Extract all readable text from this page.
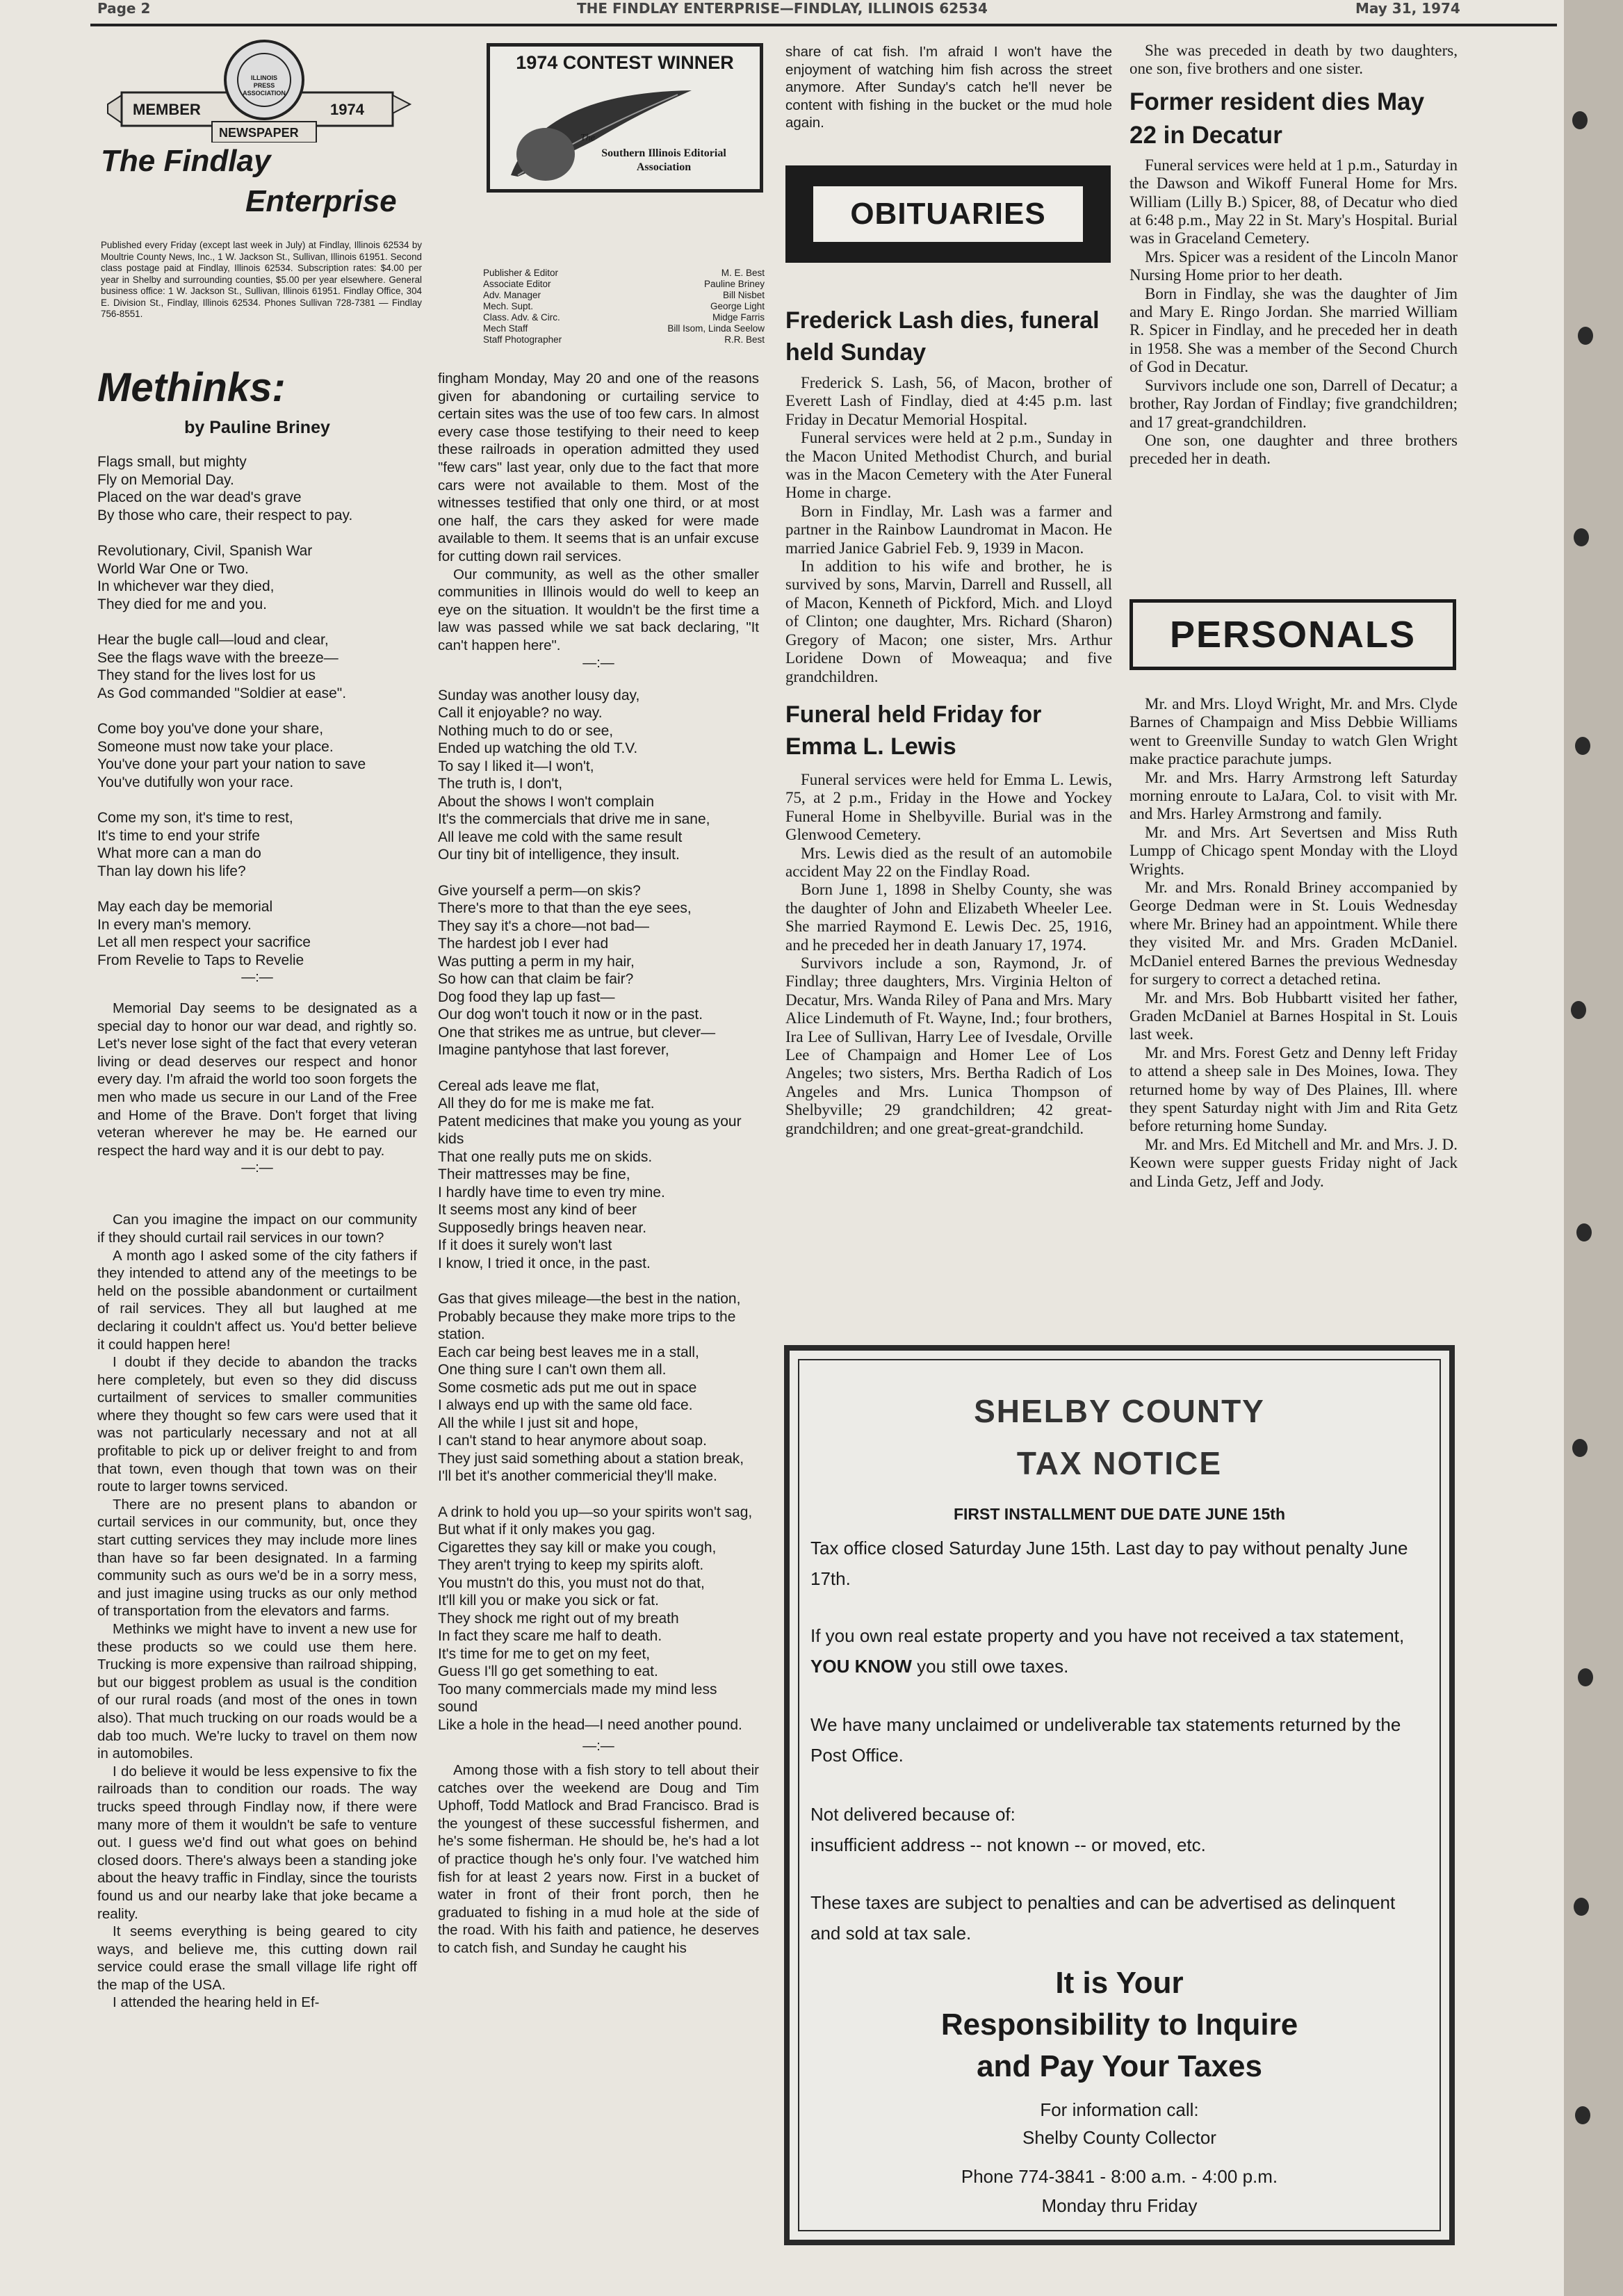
Page 2	THE FINDLAY ENTERPRISE—FINDLAY, ILLINOIS 62534	May 31, 1974
MEMBER	1974
NEWSPAPER
ILLINOIS PRESS ASSOCIATION
The Findlay
Enterprise
Published every Friday (except last week in July) at Findlay, Illinois 62534 by Moultrie County News, Inc., 1 W. Jackson St., Sullivan, Illinois 61951. Second class postage paid at Findlay, Illinois 62534. Subscription rates: $4.00 per year in Shelby and surrounding counties, $5.00 per year elsewhere. General business office: 1 W. Jackson St., Sullivan, Illinois 61951. Findlay Office, 304 E. Division St., Findlay, Illinois 62534. Phones Sullivan 728-7381 — Findlay 756-8551.
Publisher & Editor	M. E. Best
Associate Editor	Pauline Briney
Adv. Manager	Bill Nisbet
Mech. Supt.	George Light
Class. Adv. & Circ.	Midge Farris
Mech Staff	Bill Isom, Linda Seelow
Staff Photographer	R.R. Best
1974 CONTEST WINNER
The
Southern Illinois Editorial
Association
Methinks:
by Pauline Briney

Flags small, but mighty
Fly on Memorial Day.
Placed on the war dead's grave
By those who care, their respect to pay.

Revolutionary, Civil, Spanish War
World War One or Two.
In whichever war they died,
They died for me and you.

Hear the bugle call—loud and clear,
See the flags wave with the breeze—
They stand for the lives lost for us
As God commanded "Soldier at ease".

Come boy you've done your share,
Someone must now take your place.
You've done your part your nation to save
You've dutifully won your race.

Come my son, it's time to rest,
It's time to end your strife
What more can a man do
Than lay down his life?

May each day be memorial
In every man's memory.
Let all men respect your sacrifice
From Revelie to Taps to Revelie

—:—

Memorial Day seems to be designated as a special day to honor our war dead, and rightly so. Let's never lose sight of the fact that every veteran living or dead deserves our respect and honor every day. I'm afraid the world too soon forgets the men who made us secure in our Land of the Free and Home of the Brave. Don't forget that living veteran wherever he may be. He earned our respect the hard way and it is our debt to pay.

—:—

Can you imagine the impact on our community if they should curtail rail services in our town?

A month ago I asked some of the city fathers if they intended to attend any of the meetings to be held on the possible abandonment or curtailment of rail services. They all but laughed at me declaring it couldn't affect us. You'd better believe it could happen here!

I doubt if they decide to abandon the tracks here completely, but even so they did discuss curtailment of services to smaller communities where they thought so few cars were used that it was not particularly necessary and not at all profitable to pick up or deliver freight to and from that town, even though that town was on their route to larger towns serviced.

There are no present plans to abandon or curtail services in our community, but, once they start cutting services they may include more lines than have so far been designated. In a farming community such as ours we'd be in a sorry mess, and just imagine using trucks as our only method of transportation from the elevators and farms.

Methinks we might have to invent a new use for these products so we could use them here. Trucking is more expensive than railroad shipping, but our biggest problem as usual is the condition of our rural roads (and most of the ones in town also). That much trucking on our roads would be a dab too much. We're lucky to travel on them now in automobiles.

I do believe it would be less expensive to fix the railroads than to condition our roads. The way trucks speed through Findlay now, if there were many more of them it wouldn't be safe to venture out. I guess we'd find out what goes on behind closed doors. There's always been a standing joke about the heavy traffic in Findlay, since the tourists found us and our nearby lake that joke became a reality.

It seems everything is being geared to city ways, and believe me, this cutting down rail service could erase the small village life right off the map of the USA.

I attended the hearing held in Ef-

fingham Monday, May 20 and one of the reasons given for abandoning or curtailing service to certain sites was the use of too few cars. In almost every case those testifying to their need to keep these railroads in operation admitted they used "few cars" last year, only due to the fact that more cars were not available to them. Most of the witnesses testified that only one third, or at most one half, the cars they asked for were made available to them. It seems that is an unfair excuse for cutting down rail services.

Our community, as well as the other smaller communities in Illinois would do well to keep an eye on the situation. It wouldn't be the first time a law was passed while we sat back declaring, "It can't happen here".

—:—

Sunday was another lousy day,
Call it enjoyable? no way.
Nothing much to do or see,
Ended up watching the old T.V.
To say I liked it—I won't,
The truth is, I don't,
About the shows I won't complain
It's the commercials that drive me in sane,
All leave me cold with the same result
Our tiny bit of intelligence, they insult.

Give yourself a perm—on skis?
There's more to that than the eye sees,
They say it's a chore—not bad—
The hardest job I ever had
Was putting a perm in my hair,
So how can that claim be fair?
Dog food they lap up fast—
Our dog won't touch it now or in the past.
One that strikes me as untrue, but clever—
Imagine pantyhose that last forever,

Cereal ads leave me flat,
All they do for me is make me fat.
Patent medicines that make you young as your kids
That one really puts me on skids.
Their mattresses may be fine,
I hardly have time to even try mine.
It seems most any kind of beer
Supposedly brings heaven near.
If it does it surely won't last
I know, I tried it once, in the past.

Gas that gives mileage—the best in the nation,
Probably because they make more trips to the station.
Each car being best leaves me in a stall,
One thing sure I can't own them all.
Some cosmetic ads put me out in space
I always end up with the same old face.
All the while I just sit and hope,
I can't stand to hear anymore about soap.
They just said something about a station break,
I'll bet it's another commericial they'll make.

A drink to hold you up—so your spirits won't sag,
But what if it only makes you gag.
Cigarettes they say kill or make you cough,
They aren't trying to keep my spirits aloft.
You mustn't do this, you must not do that,
It'll kill you or make you sick or fat.
They shock me right out of my breath
In fact they scare me half to death.
It's time for me to get on my feet,
Guess I'll go get something to eat.
Too many commercials made my mind less sound
Like a hole in the head—I need another pound.

—:—

Among those with a fish story to tell about their catches over the weekend are Doug and Tim Uphoff, Todd Matlock and Brad Francisco. Brad is the youngest of these successful fishermen, and he's some fisherman. He should be, he's had a lot of practice though he's only four. I've watched him fish for at least 2 years now. First in a bucket of water in front of their front porch, then he graduated to fishing in a mud hole at the side of the road. With his faith and patience, he deserves to catch fish, and Sunday he caught his

share of cat fish. I'm afraid I won't have the enjoyment of watching him fish across the street anymore. After Sunday's catch he'll never be content with fishing in the bucket or the mud hole again.

OBITUARIES
Frederick Lash dies, funeral held Sunday

Frederick S. Lash, 56, of Macon, brother of Everett Lash of Findlay, died at 4:45 p.m. last Friday in Decatur Memorial Hospital.

Funeral services were held at 2 p.m., Sunday in the Macon United Methodist Church, and burial was in the Macon Cemetery with the Ater Funeral Home in charge.

Born in Findlay, Mr. Lash was a farmer and partner in the Rainbow Laundromat in Macon. He married Janice Gabriel Feb. 9, 1939 in Macon.

In addition to his wife and brother, he is survived by sons, Marvin, Darrell and Russell, all of Macon, Kenneth of Pickford, Mich. and Lloyd of Clinton; one daughter, Mrs. Richard (Sharon) Gregory of Macon; one sister, Mrs. Arthur Loridene Down of Moweaqua; and five grandchildren.

Funeral held Friday for Emma L. Lewis

Funeral services were held for Emma L. Lewis, 75, at 2 p.m., Friday in the Howe and Yockey Funeral Home in Shelbyville. Burial was in the Glenwood Cemetery.

Mrs. Lewis died as the result of an automobile accident May 22 on the Findlay Road.

Born June 1, 1898 in Shelby County, she was the daughter of John and Elizabeth Wheeler Lee. She married Raymond E. Lewis Dec. 25, 1916, and he preceded her in death January 17, 1974.

Survivors include a son, Raymond, Jr. of Findlay; three daughters, Mrs. Virginia Helton of Decatur, Mrs. Wanda Riley of Pana and Mrs. Mary Alice Lindemuth of Ft. Wayne, Ind.; four brothers, Ira Lee of Sullivan, Harry Lee of Ivesdale, Orville Lee of Champaign and Homer Lee of Los Angeles; two sisters, Mrs. Bertha Radich of Los Angeles and Mrs. Lunica Thompson of Shelbyville; 29 grandchildren; 42 great-grandchildren; and one great-great-grandchild.

She was preceded in death by two daughters, one son, five brothers and one sister.

Former resident dies May 22 in Decatur

Funeral services were held at 1 p.m., Saturday in the Dawson and Wikoff Funeral Home for Mrs. William (Lilly B.) Spicer, 88, of Decatur who died at 6:48 p.m., May 22 in St. Mary's Hospital. Burial was in Graceland Cemetery.

Mrs. Spicer was a resident of the Lincoln Manor Nursing Home prior to her death.

Born in Findlay, she was the daughter of Jim and Mary E. Ringo Jordan. She married William R. Spicer in Findlay, and he preceded her in death in 1958. She was a member of the Second Church of God in Decatur.

Survivors include one son, Darrell of Decatur; a brother, Ray Jordan of Findlay; five grandchildren; and 17 great-grandchildren.

One son, one daughter and three brothers preceded her in death.

PERSONALS

Mr. and Mrs. Lloyd Wright, Mr. and Mrs. Clyde Barnes of Champaign and Miss Debbie Williams went to Greenville Sunday to watch Glen Wright make practice parachute jumps.

Mr. and Mrs. Harry Armstrong left Saturday morning enroute to LaJara, Col. to visit with Mr. and Mrs. Harley Armstrong and family.

Mr. and Mrs. Art Severtsen and Miss Ruth Lumpp of Chicago spent Monday with the Lloyd Wrights.

Mr. and Mrs. Ronald Briney accompanied by George Dedman were in St. Louis Wednesday where Mr. Briney had an appointment. While there they visited Mr. and Mrs. Graden McDaniel. McDaniel entered Barnes the previous Wednesday for surgery to correct a detached retina.

Mr. and Mrs. Bob Hubbartt visited her father, Graden McDaniel at Barnes Hospital in St. Louis last week.

Mr. and Mrs. Forest Getz and Denny left Friday to attend a sheep sale in Des Moines, Iowa. They returned home by way of Des Plaines, Ill. where they spent Saturday night with Jim and Rita Getz before returning home Sunday.

Mr. and Mrs. Ed Mitchell and Mr. and Mrs. J. D. Keown were supper guests Friday night of Jack and Linda Getz, Jeff and Jody.

SHELBY COUNTY
TAX NOTICE
FIRST INSTALLMENT DUE DATE JUNE 15th
Tax office closed Saturday June 15th. Last day to pay without penalty June 17th.
If you own real estate property and you have not received a tax statement, YOU KNOW you still owe taxes.
We have many unclaimed or undeliverable tax statements returned by the Post Office.
Not delivered because of:
insufficient address -- not known -- or moved, etc.
These taxes are subject to penalties and can be advertised as delinquent and sold at tax sale.
It is Your
Responsibility to Inquire
and Pay Your Taxes
For information call:
Shelby County Collector
Phone 774-3841 - 8:00 a.m. - 4:00 p.m.
Monday thru Friday
